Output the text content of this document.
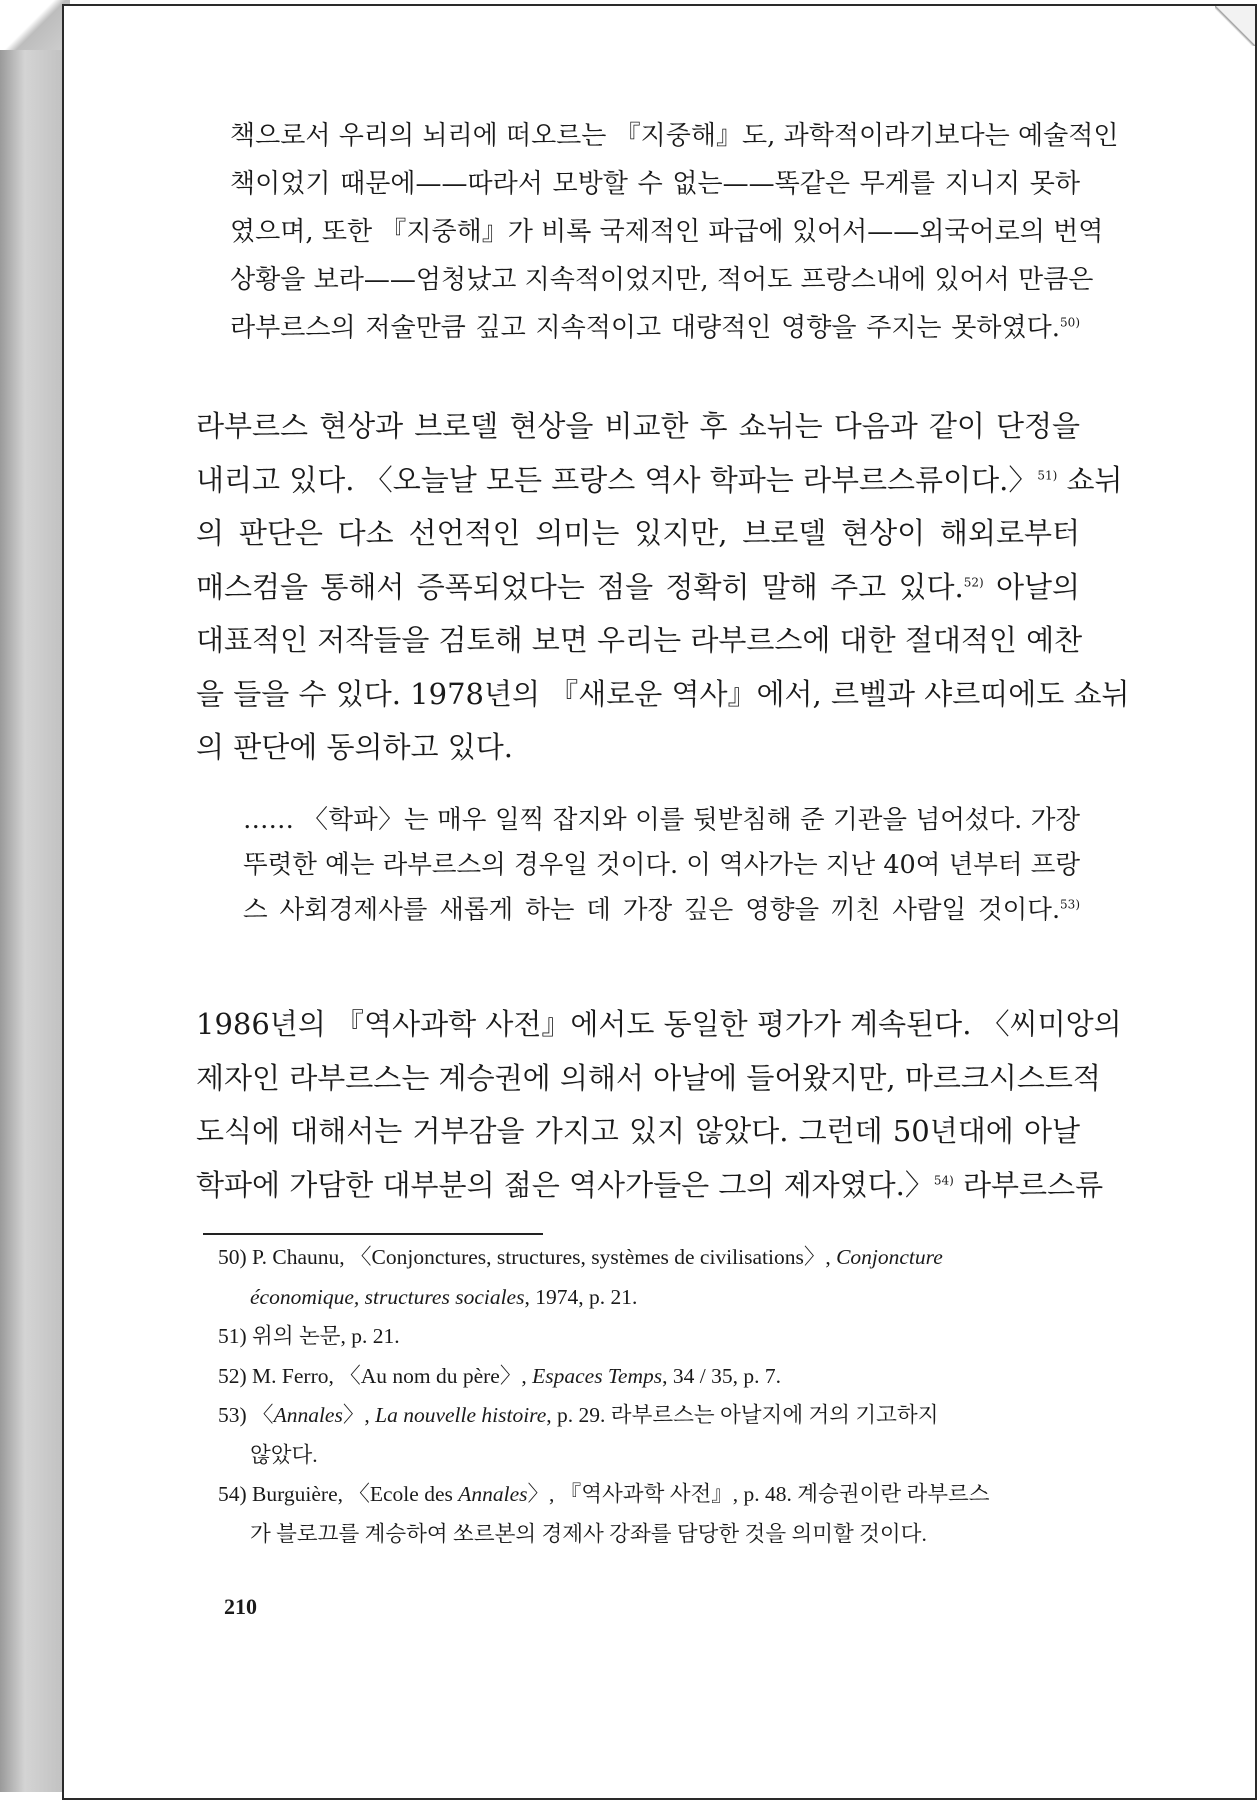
책으로서 우리의 뇌리에 떠오르는 『지중해』도, 과학적이라기보다는 예술적인

책이었기 때문에——따라서 모방할 수 없는——똑같은 무게를 지니지 못하

였으며, 또한 『지중해』가 비록 국제적인 파급에 있어서——외국어로의 번역

상황을 보라——엄청났고 지속적이었지만, 적어도 프랑스내에 있어서 만큼은

라부르스의 저술만큼 깊고 지속적이고 대량적인 영향을 주지는 못하였다.$^{50)}$

라부르스 현상과 브로델 현상을 비교한 후 쇼뉘는 다음과 같이 단정을

내리고 있다. 〈오늘날 모든 프랑스 역사 학파는 라부르스류이다.〉$^{51)}$ 쇼뉘

의 판단은 다소 선언적인 의미는 있지만, 브로델 현상이 해외로부터

매스컴을 통해서 증폭되었다는 점을 정확히 말해 주고 있다.$^{52)}$ 아날의

대표적인 저작들을 검토해 보면 우리는 라부르스에 대한 절대적인 예찬

을 들을 수 있다. 1978년의 『새로운 역사』에서, 르벨과 샤르띠에도 쇼뉘

의 판단에 동의하고 있다.

…… 〈학파〉는 매우 일찍 잡지와 이를 뒷받침해 준 기관을 넘어섰다. 가장

뚜렷한 예는 라부르스의 경우일 것이다. 이 역사가는 지난 40여 년부터 프랑

스 사회경제사를 새롭게 하는 데 가장 깊은 영향을 끼친 사람일 것이다.$^{53)}$

1986년의 『역사과학 사전』에서도 동일한 평가가 계속된다. 〈씨미앙의

제자인 라부르스는 계승권에 의해서 아날에 들어왔지만, 마르크시스트적

도식에 대해서는 거부감을 가지고 있지 않았다. 그런데 50년대에 아날

학파에 가담한 대부분의 젊은 역사가들은 그의 제자였다.〉$^{54)}$ 라부르스류

50) P. Chaunu, 〈Conjonctures, structures, systèmes de civilisations〉, Conjoncture

économique, structures sociales, 1974, p. 21.

51) 위의 논문, p. 21.

52) M. Ferro, 〈Au nom du père〉, Espaces Temps, 34 / 35, p. 7.

53) 〈Annales〉, La nouvelle histoire, p. 29. 라부르스는 아날지에 거의 기고하지

않았다.

54) Burguière, 〈Ecole des Annales〉, 『역사과학 사전』, p. 48. 계승권이란 라부르스

가 블로끄를 계승하여 쏘르본의 경제사 강좌를 담당한 것을 의미할 것이다.

210
